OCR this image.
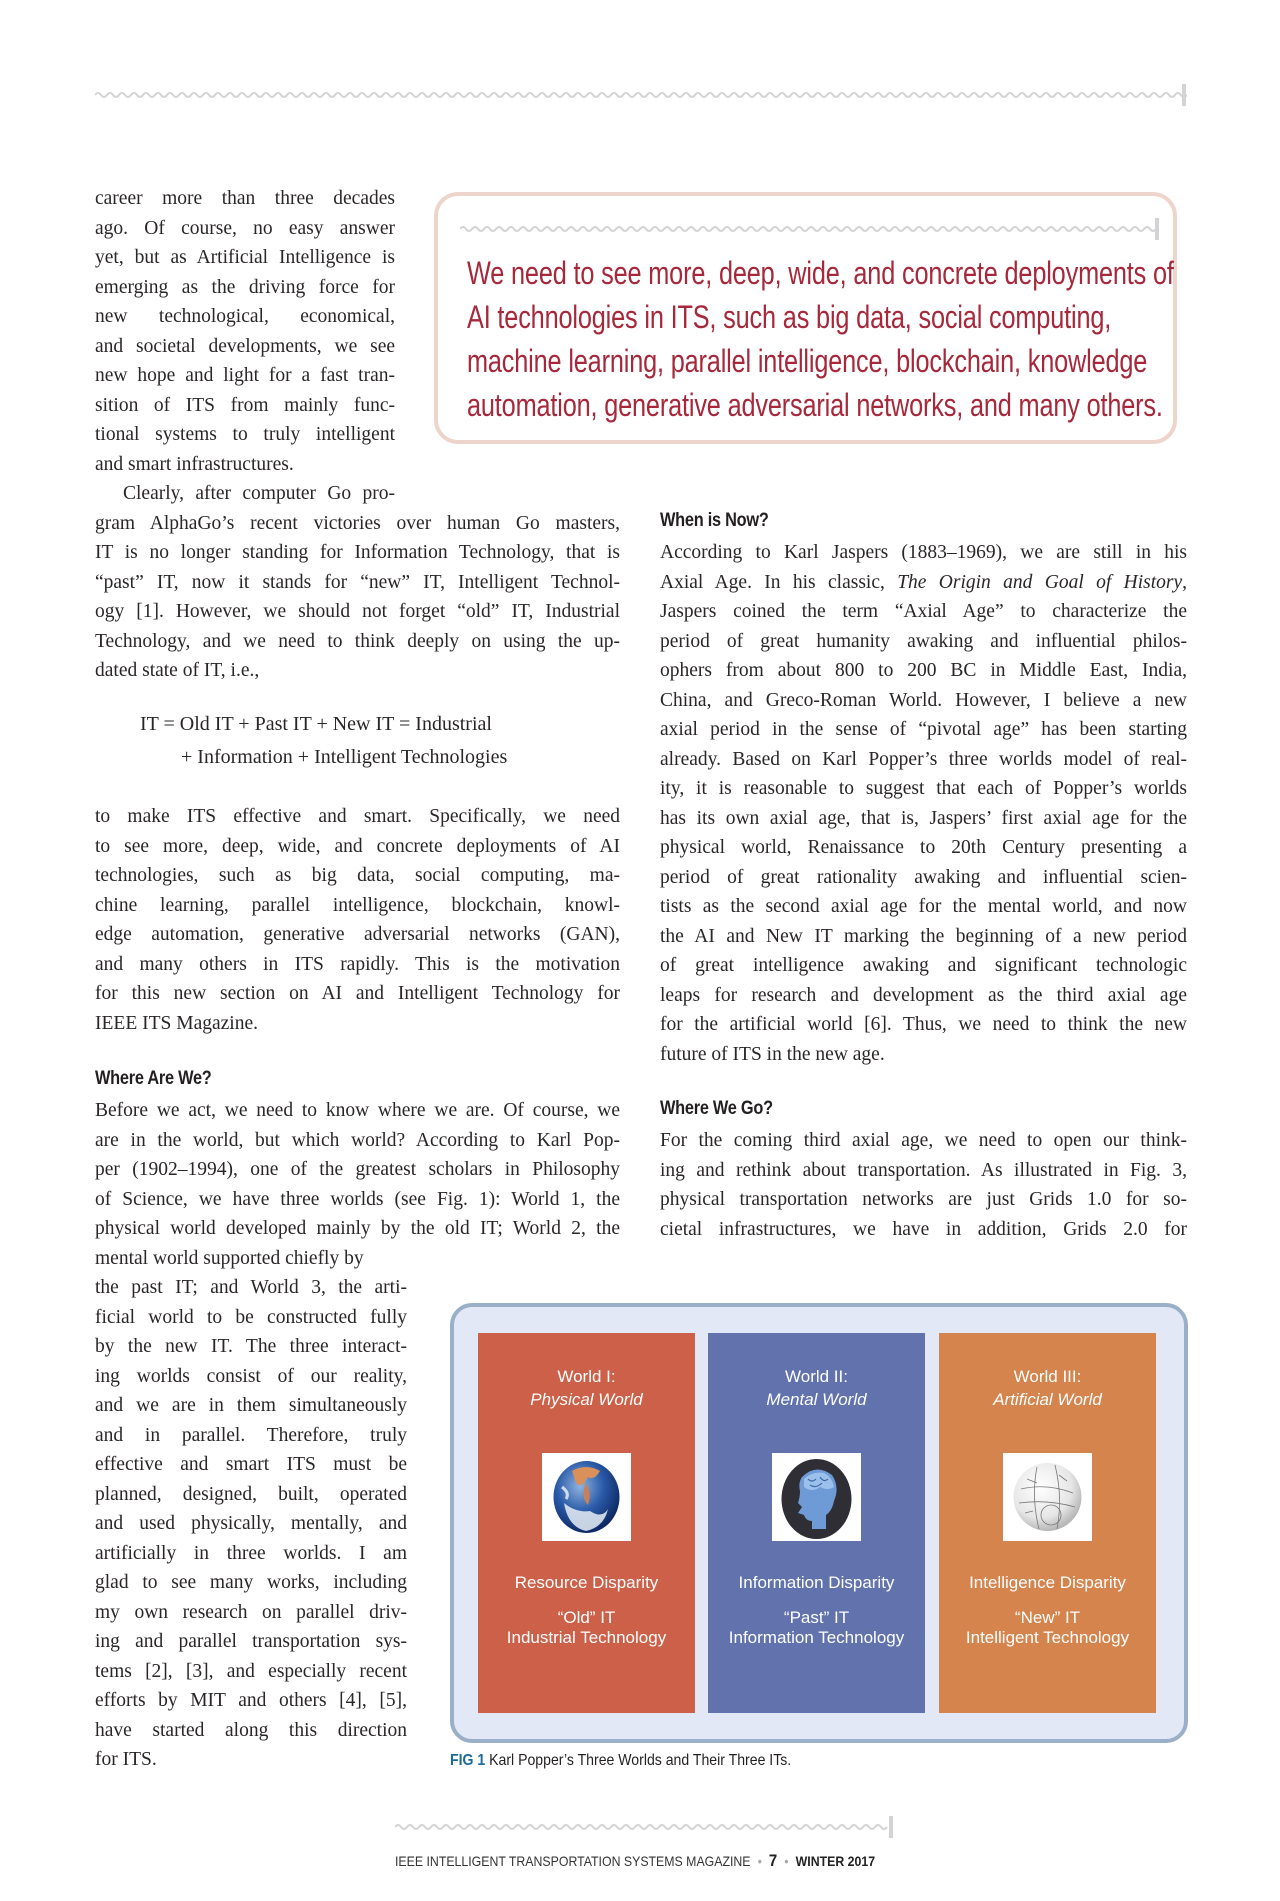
We need to see more, deep, wide, and concrete deployments of
AI technologies in ITS, such as big data, social computing,
machine learning, parallel intelligence, blockchain, knowledge
automation, generative adversarial networks, and many others.
career more than three decades
ago. Of course, no easy answer
yet, but as Artificial Intelligence is
emerging as the driving force for
new technological, economical,
and societal developments, we see
new hope and light for a fast tran-
sition of ITS from mainly func-
tional systems to truly intelligent
and smart infrastructures.
Clearly, after computer Go pro-
gram AlphaGo’s recent victories over human Go masters,
IT is no longer standing for Information Technology, that is
“past” IT, now it stands for “new” IT, Intelligent Technol-
ogy [1]. However, we should not forget “old” IT, Industrial
Technology, and we need to think deeply on using the up-
dated state of IT, i.e.,
IT = Old IT + Past IT + New IT = Industrial
+ Information + Intelligent Technologies
to make ITS effective and smart. Specifically, we need
to see more, deep, wide, and concrete deployments of AI
technologies, such as big data, social computing, ma-
chine learning, parallel intelligence, blockchain, knowl-
edge automation, generative adversarial networks (GAN),
and many others in ITS rapidly. This is the motivation
for this new section on AI and Intelligent Technology for
IEEE ITS Magazine.
Where Are We?
Before we act, we need to know where we are. Of course, we
are in the world, but which world? According to Karl Pop-
per (1902–1994), one of the greatest scholars in Philosophy
of Science, we have three worlds (see Fig. 1): World 1, the
physical world developed mainly by the old IT; World 2, the
mental world supported chiefly by
the past IT; and World 3, the arti-
ficial world to be constructed fully
by the new IT. The three interact-
ing worlds consist of our reality,
and we are in them simultaneously
and in parallel. Therefore, truly
effective and smart ITS must be
planned, designed, built, operated
and used physically, mentally, and
artificially in three worlds. I am
glad to see many works, including
my own research on parallel driv-
ing and parallel transportation sys-
tems [2], [3], and especially recent
efforts by MIT and others [4], [5],
have started along this direction
for ITS.
When is Now?
According to Karl Jaspers (1883–1969), we are still in his
Axial Age. In his classic, The Origin and Goal of History,
Jaspers coined the term “Axial Age” to characterize the
period of great humanity awaking and influential philos-
ophers from about 800 to 200 BC in Middle East, India,
China, and Greco-Roman World. However, I believe a new
axial period in the sense of “pivotal age” has been starting
already. Based on Karl Popper’s three worlds model of real-
ity, it is reasonable to suggest that each of Popper’s worlds
has its own axial age, that is, Jaspers’ first axial age for the
physical world, Renaissance to 20th Century presenting a
period of great rationality awaking and influential scien-
tists as the second axial age for the mental world, and now
the AI and New IT marking the beginning of a new period
of great intelligence awaking and significant technologic
leaps for research and development as the third axial age
for the artificial world [6]. Thus, we need to think the new
future of ITS in the new age.
Where We Go?
For the coming third axial age, we need to open our think-
ing and rethink about transportation. As illustrated in Fig. 3,
physical transportation networks are just Grids 1.0 for so-
cietal infrastructures, we have in addition, Grids 2.0 for
World I:
Physical World
Resource Disparity
“Old” IT
Industrial Technology
World II:
Mental World
Information Disparity
“Past” IT
Information Technology
World III:
Artificial World
Intelligence Disparity
“New” IT
Intelligent Technology
FIG 1 Karl Popper’s Three Worlds and Their Three ITs.
IEEE INTELLIGENT TRANSPORTATION SYSTEMS MAGAZINE • 7 • WINTER 2017
